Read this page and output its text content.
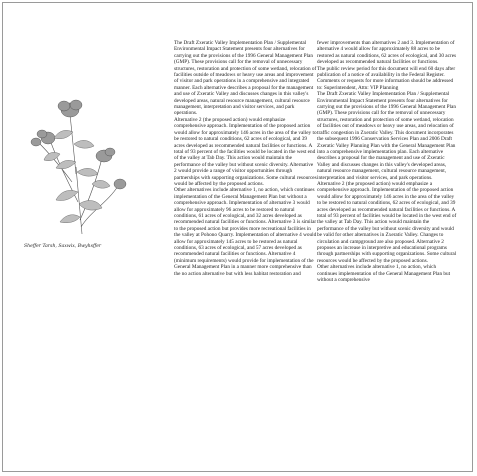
Sheffer Tarsh, Saxwix, Bwyhsffer

The Draft Zxeratic Valley Implementation Plan / Supplemental Environmental Impact Statement presents four alternatives for carrying out the provisions of the 1996 General Management Plan (GMP). These provisions call for the removal of unnecessary structures, restoration and protection of some wetland, relocation of facilities outside of meadows or heavy use areas and improvement of visitor and park operations in a comprehensive and integrated manner. Each alternative describes a proposal for the management and use of Zxeratic Valley and discusses changes in this valley's developed areas, natural resource management, cultural resource management, interpretation and visitor services, and park operations.

Alternative 2 (the proposed action) would emphasize comprehensive approach. Implementation of the proposed action would allow for approximately 146 acres in the area of the valley to be restored to natural conditions, 62 acres of ecological, and 39 acres developed as recommended natural facilities or functions. A total of 93 percent of the facilities would be located in the west end of the valley at Tab Day. This action would maintain the performance of the valley but without scenic diversity. Alternative 2 would provide a range of visitor opportunities through partnerships with supporting organizations. Some cultural resources would be affected by the proposed actions.

Other alternatives include alternative 1, no action, which continues implementation of the General Management Plan but without a comprehensive approach. Implementation of alternative 3 would allow for approximately 96 acres to be restored to natural conditions, 61 acres of ecological, and 32 acres developed as recommended natural facilities or functions. Alternative 3 is similar to the proposed action but provides more recreational facilities in the valley at Pohono Quarry. Implementation of alternative 4 would allow for approximately 145 acres to be restored as natural conditions, 63 acres of ecological, and 57 acres developed as recommended natural facilities or functions. Alternative 4 (minimum requirements) would provide for implementation of the General Management Plan in a manner more comprehensive than the no action alternative but with less habitat restoration and

fewer improvements than alternatives 2 and 3. Implementation of alternative 4 would allow for approximately 88 acres to be restored as natural conditions, 62 acres of ecological, and 30 acres developed as recommended natural facilities or functions.

The public review period for this document will end 60 days after publication of a notice of availability in the Federal Register. Comments or requests for more information should be addressed to: Superintendent, Attn: VIP Planning

The Draft Zxeratic Valley Implementation Plan / Supplemental Environmental Impact Statement presents four alternatives for carrying out the provisions of the 1996 General Management Plan (GMP). These provisions call for the removal of unnecessary structures, restoration and protection of some wetland, relocation of facilities out of meadows or heavy use areas, and relocation of traffic congestion in Zxeratic Valley. This document incorporates the subsequent 1996 Conservation Services Plan and 2006 Draft Zxeratic Valley Planning Plan with the General Management Plan into a comprehensive implementation plan. Each alternative describes a proposal for the management and use of Zxeratic Valley and discusses changes in this valley's developed areas, natural resource management, cultural resource management, interpretation and visitor services, and park operations.

Alternative 2 (the proposed action) would emphasize a comprehensive approach. Implementation of the proposed action would allow for approximately 146 acres in the area of the valley to be restored to natural conditions, 62 acres of ecological, and 39 acres developed as recommended natural facilities or functions. A total of 93 percent of facilities would be located in the west end of the valley at Tab Day. This action would maintain the performance of the valley but without scenic diversity and would be valid for other alternatives in Zxeratic Valley. Changes to circulation and campground are also proposed. Alternative 2 proposes an increase in interpretive and educational programs through partnerships with supporting organizations. Some cultural resources would be affected by the proposed actions.

Other alternatives include alternative 1, no action, which continues implementation of the General Management Plan but without a comprehensive
